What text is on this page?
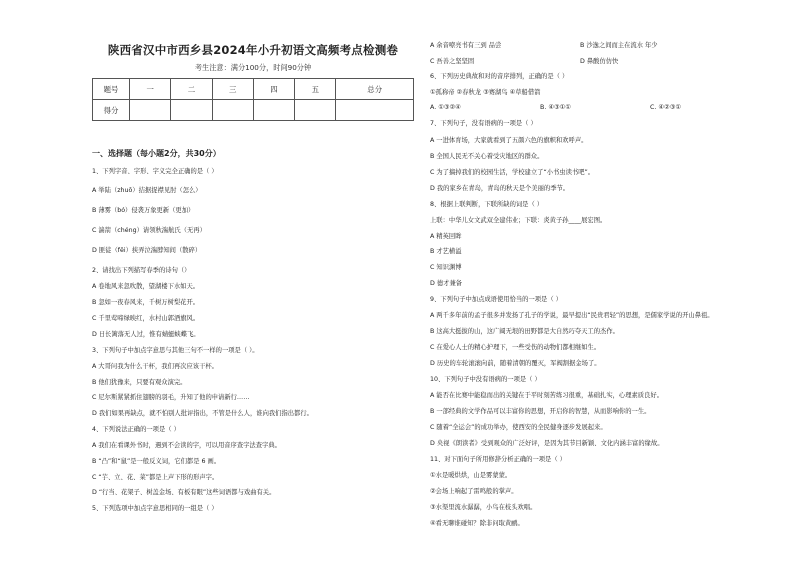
陕西省汉中市西乡县2024年小升初语文高频考点检测卷
考生注意：满分100分，时间90分钟
题号	一	二	三	四	五	总分
得分						
一、选择题（每小题2分，共30分）
1、下列字音、字形、字义完全正确的是（ ）
A 举陆（zhuō）拮据捉襟见肘（怎么）
B 薄雾（bó）侵袭万象更新（更加）
C 湍箭（chéng）请领秋湍航氏（无再）
D 匪徒（fěi）挟弄泣湍脖知间（散碎）
2、请找出下列描写春季的诗句（）
A 卷地风来忽吹散，望湖楼下水如天。
B 忽如一夜春风来，千树万树梨花开。
C 千里莺啼绿映红，水村山郭酒旗风。
D 日长篱落无人过，惟有蜻蜓蛱蝶飞。
3、下列句子中加点字意思与其他三句不一样的一项是（ ）。
A 大哥问我为什么干杯，我们再次应该干杯。
B 他们犹豫来，只要有观众演完。
C 尼尔斯紧紧抓住翅膀的羽毛，升知了他的申请新行……
D 我们如果再缺点，就不怕别人批评指出，不管是什么人，谁向我们指出都行。
4、下列说法正确的一项是（ ）
A 我们在看课外书时，遇到不会读的字，可以用音序查字法查字典。
B “凸”和“鼠”是一般反义词，它们都是 6 画。
C “芋、立、花、菜”都是上声下形的形声字。
D “行当、花架子、树盖金场、有板有眼”这些词语都与戏曲有关。
5、下列选项中加点字意思相同的一组是（ ）
A 余音嘹亮书有三到 品尝	B 沙逸之间而主在流水 年少
C 吾善之坚坚固	D 鼻酸仿仿快
6、下列历史典故和对的音序排列，正确的是（ ）
①孤称帝 ②春秋龙 ③赛湖鸟 ④草船借箭
A. ①③②④	B. ④③①①	C. ④②③①
7、下列句子，没有语病的一项是（ ）
A 一进体育场，大家就看到了五颜六色的旗帜和欢呼声。
B 全国人民无不关心着受灾地区的群众。
C 为了搞掉我们的校园生活，学校建立了“小书虫读书吧”。
D 我的家乡在青岛，青岛的秋天是个美丽的季节。
8、根据上联判断，下联所缺的词是（ ）
上联：中华儿女文武双全建伟业；下联：炎黄子孙____展宏图。
A 精英回眸
B 才艺横溢
C 知识渊博
D 德才兼备
9、下列句子中加点成语使用恰当的一项是（ ）
A 两千多年前的孟子很多并发扬了孔子的学说，最早提出“民贵君轻”的思想，是儒家学说的开山鼻祖。
B 这高大挺拔的山，这广阔无垠的田野都是大自然巧夺天工的杰作。
C 在爱心人士的精心护理下，一些受伤的动物们都相继如生。
D 历史的车轮滚滚向前，随着清朝的覆灭，军阀割据金场了。
10、下列句子中没有语病的一项是（ ）
A 能否在比赛中能稳而出的关键在于平时刻苦练习很重，基础扎实，心理素质良好。
B 一部经典的文学作品可以丰富你的思想，开启你的智慧，从而影响你的一生。
C 随着“全运会”的成功举办，使西安的全民健身逐步发展起来。
D 央视《朗读者》受到观众的广泛好评，是因为其节目新颖、文化内涵丰富的缘故。
11、对下面句子所用修辞分析正确的一项是（ ）
①水是暖烘烘，山是雾蒙蒙。
②会场上响起了雷鸣般的掌声。
③水渠里流水潺潺，小鸟在枝头欢唱。
④看无聊谁碰知？除非问取黄鹂。
